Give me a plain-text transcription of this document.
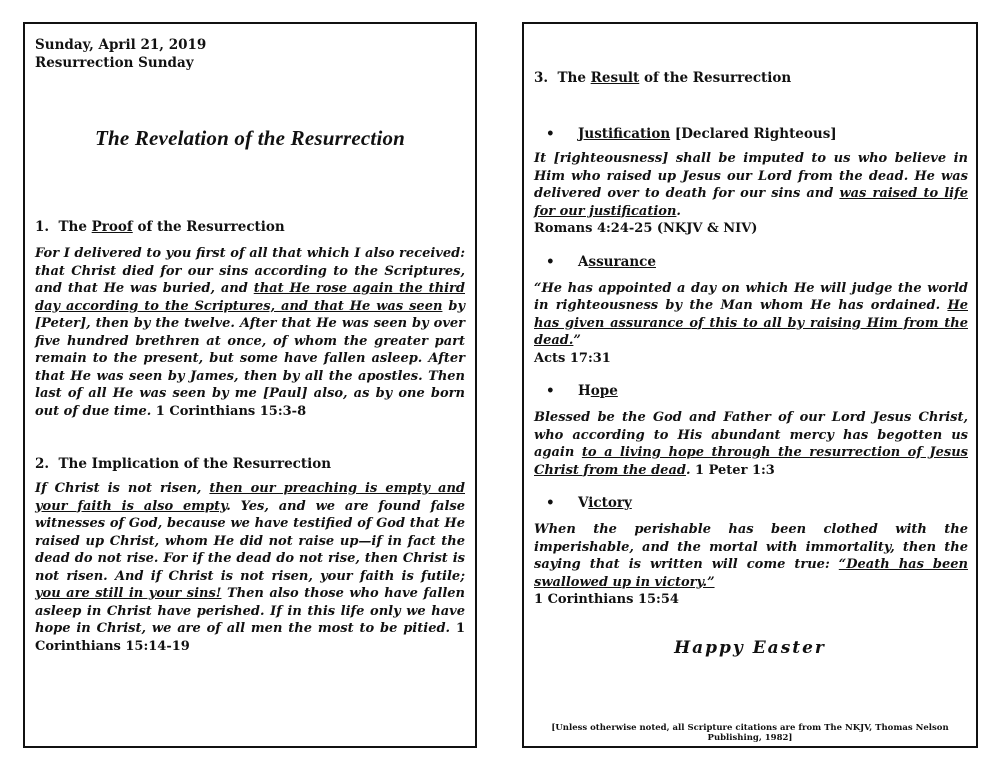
Sunday, April 21, 2019
Resurrection Sunday
The Revelation of the Resurrection

1. The Proof of the Resurrection

For I delivered to you first of all that which I also received: that Christ died for our sins according to the Scriptures, and that He was buried, and that He rose again the third day according to the Scriptures, and that He was seen by [Peter], then by the twelve. After that He was seen by over five hundred brethren at once, of whom the greater part remain to the present, but some have fallen asleep. After that He was seen by James, then by all the apostles. Then last of all He was seen by me [Paul] also, as by one born out of due time. 1 Corinthians 15:3-8

2. The Implication of the Resurrection

If Christ is not risen, then our preaching is empty and your faith is also empty. Yes, and we are found false witnesses of God, because we have testified of God that He raised up Christ, whom He did not raise up—if in fact the dead do not rise. For if the dead do not rise, then Christ is not risen. And if Christ is not risen, your faith is futile; you are still in your sins! Then also those who have fallen asleep in Christ have perished. If in this life only we have hope in Christ, we are of all men the most to be pitied. 1 Corinthians 15:14-19

3. The Result of the Resurrection

• Justification [Declared Righteous]

It [righteousness] shall be imputed to us who believe in Him who raised up Jesus our Lord from the dead. He was delivered over to death for our sins and was raised to life for our justification.

Romans 4:24-25 (NKJV & NIV)

• Assurance

“He has appointed a day on which He will judge the world in righteousness by the Man whom He has ordained. He has given assurance of this to all by raising Him from the dead.”

Acts 17:31

• Hope

Blessed be the God and Father of our Lord Jesus Christ, who according to His abundant mercy has begotten us again to a living hope through the resurrection of Jesus Christ from the dead. 1 Peter 1:3

• Victory

When the perishable has been clothed with the imperishable, and the mortal with immortality, then the saying that is written will come true: “Death has been swallowed up in victory.”

1 Corinthians 15:54

Happy Easter
[Unless otherwise noted, all Scripture citations are from The NKJV, Thomas Nelson Publishing, 1982]
